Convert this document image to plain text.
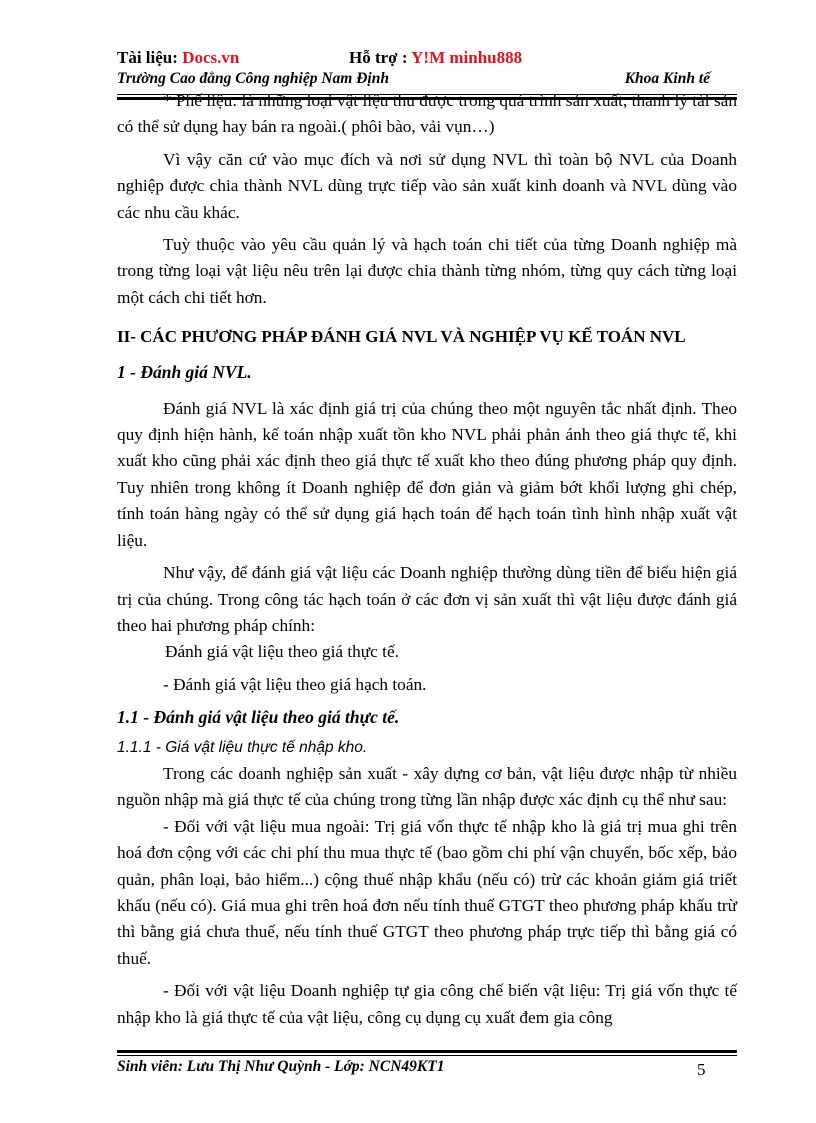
Tài liệu: Docs.vn	Hỗ trợ : Y!M minhu888
Trường Cao đẳng Công nghiệp Nam Định	Khoa Kinh tế

* Phế liệu: là những loại vật liệu thu được trong quá trình sản xuất, thanh lý tài sản có thể sử dụng hay bán ra ngoài.( phôi bào, vải vụn…)

Vì vậy căn cứ vào mục đích và nơi sử dụng NVL thì toàn bộ NVL của Doanh nghiệp được chia thành NVL dùng trực tiếp vào sản xuất kinh doanh và NVL dùng vào các nhu cầu khác.

Tuỳ thuộc vào yêu cầu quản lý và hạch toán chi tiết của từng Doanh nghiệp mà trong từng loại vật liệu nêu trên lại được chia thành từng nhóm, từng quy cách từng loại một cách chi tiết hơn.

II- CÁC PHƯƠNG PHÁP ĐÁNH GIÁ NVL VÀ NGHIỆP VỤ KẾ TOÁN NVL

1 - Đánh giá NVL.

Đánh giá NVL là xác định giá trị của chúng theo một nguyên tắc nhất định. Theo quy định hiện hành, kế toán nhập xuất tồn kho NVL phải phản ánh theo giá thực tế, khi xuất kho cũng phải xác định theo giá thực tế xuất kho theo đúng phương pháp quy định. Tuy nhiên trong không ít Doanh nghiệp để đơn giản và giảm bớt khối lượng ghi chép, tính toán hàng ngày có thể sử dụng giá hạch toán để hạch toán tình hình nhập xuất vật liệu.

Như vậy, để đánh giá vật liệu các Doanh nghiệp thường dùng tiền để biểu hiện giá trị của chúng. Trong công tác hạch toán ở các đơn vị sản xuất thì vật liệu được đánh giá theo hai phương pháp chính:

Đánh giá vật liệu theo giá thực tế.

- Đánh giá vật liệu theo giá hạch toán.

1.1 - Đánh giá vật liệu theo giá thực tế.

1.1.1 - Giá vật liệu thực tế nhập kho.

Trong các doanh nghiệp sản xuất - xây dựng cơ bản, vật liệu được nhập từ nhiều nguồn nhập mà giá thực tế của chúng trong từng lần nhập được xác định cụ thể như sau:

- Đối với vật liệu mua ngoài: Trị giá vốn thực tế nhập kho là giá trị mua ghi trên hoá đơn cộng với các chi phí thu mua thực tế (bao gồm chi phí vận chuyển, bốc xếp, bảo quản, phân loại, bảo hiểm...) cộng thuế nhập khẩu (nếu có) trừ các khoản giảm giá triết khấu (nếu có). Giá mua ghi trên hoá đơn nếu tính thuế GTGT theo phương pháp khấu trừ thì bằng giá chưa thuế, nếu tính thuế GTGT theo phương pháp trực tiếp thì bằng giá có thuế.

- Đối với vật liệu Doanh nghiệp tự gia công chế biến vật liệu: Trị giá vốn thực tế nhập kho là giá thực tế của vật liệu, công cụ dụng cụ xuất đem gia công

Sinh viên: Lưu Thị Như Quỳnh - Lớp: NCN49KT1	5
